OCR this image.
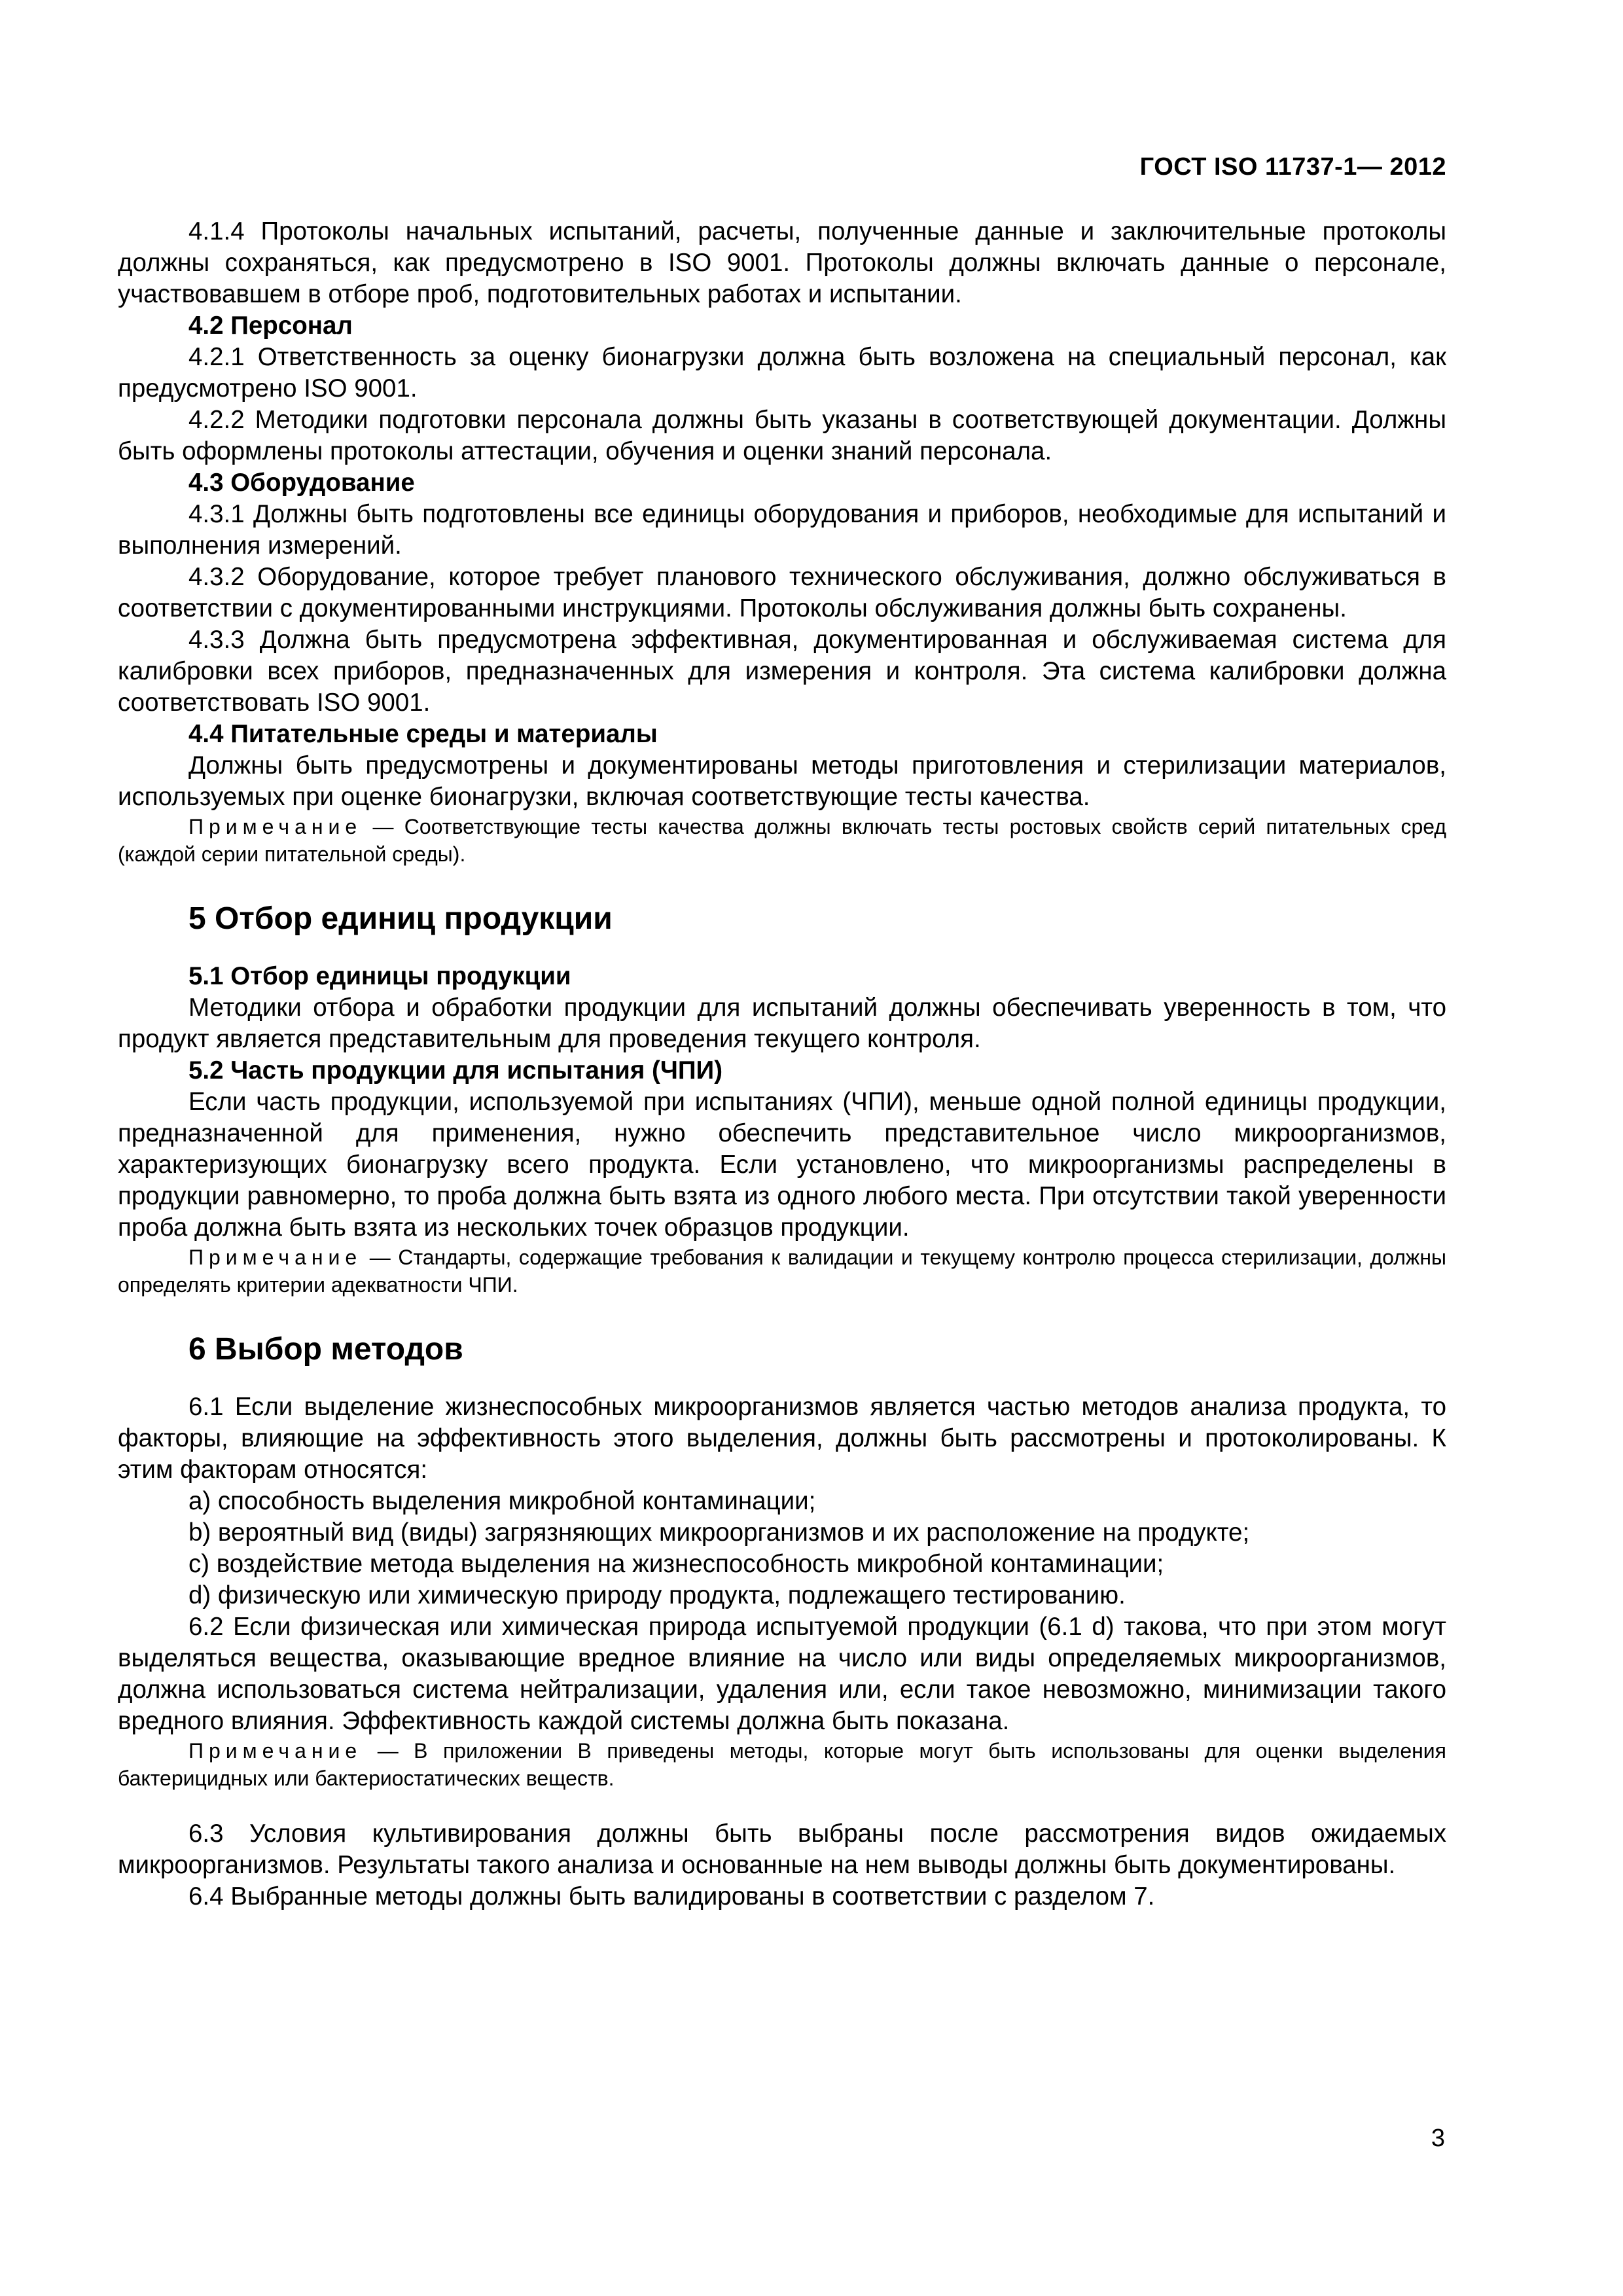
ГОСТ ISO 11737-1— 2012

4.1.4 Протоколы начальных испытаний, расчеты, полученные данные и заключительные протоколы должны сохраняться, как предусмотрено в ISO 9001. Протоколы должны включать данные о персонале, участвовавшем в отборе проб, подготовительных работах и испытании.

4.2 Персонал

4.2.1 Ответственность за оценку бионагрузки должна быть возложена на специальный персонал, как предусмотрено ISO 9001.

4.2.2 Методики подготовки персонала должны быть указаны в соответствующей документации. Должны быть оформлены протоколы аттестации, обучения и оценки знаний персонала.

4.3 Оборудование

4.3.1 Должны быть подготовлены все единицы оборудования и приборов, необходимые для испытаний и выполнения измерений.

4.3.2 Оборудование, которое требует планового технического обслуживания, должно обслуживаться в соответствии с документированными инструкциями. Протоколы обслуживания должны быть сохранены.

4.3.3 Должна быть предусмотрена эффективная, документированная и обслуживаемая система для калибровки всех приборов, предназначенных для измерения и контроля. Эта система калибровки должна соответствовать ISO 9001.

4.4 Питательные среды и материалы

Должны быть предусмотрены и документированы методы приготовления и стерилизации материалов, используемых при оценке бионагрузки, включая соответствующие тесты качества.

Примечание — Соответствующие тесты качества должны включать тесты ростовых свойств серий питательных сред (каждой серии питательной среды).

5 Отбор единиц продукции

5.1 Отбор единицы продукции

Методики отбора и обработки продукции для испытаний должны обеспечивать уверенность в том, что продукт является представительным для проведения текущего контроля.

5.2 Часть продукции для испытания (ЧПИ)

Если часть продукции, используемой при испытаниях (ЧПИ), меньше одной полной единицы продукции, предназначенной для применения, нужно обеспечить представительное число микроорганизмов, характеризующих бионагрузку всего продукта. Если установлено, что микроорганизмы распределены в продукции равномерно, то проба должна быть взята из одного любого места. При отсутствии такой уверенности проба должна быть взята из нескольких точек образцов продукции.

Примечание — Стандарты, содержащие требования к валидации и текущему контролю процесса стерилизации, должны определять критерии адекватности ЧПИ.

6 Выбор методов

6.1 Если выделение жизнеспособных микроорганизмов является частью методов анализа продукта, то факторы, влияющие на эффективность этого выделения, должны быть рассмотрены и протоколированы. К этим факторам относятся:

a) способность выделения микробной контаминации;

b) вероятный вид (виды) загрязняющих микроорганизмов и их расположение на продукте;

c) воздействие метода выделения на жизнеспособность микробной контаминации;

d) физическую или химическую природу продукта, подлежащего тестированию.

6.2 Если физическая или химическая природа испытуемой продукции (6.1 d) такова, что при этом могут выделяться вещества, оказывающие вредное влияние на число или виды определяемых микроорганизмов, должна использоваться система нейтрализации, удаления или, если такое невозможно, минимизации такого вредного влияния. Эффективность каждой системы должна быть показана.

Примечание — В приложении В приведены методы, которые могут быть использованы для оценки выделения бактерицидных или бактериостатических веществ.

6.3 Условия культивирования должны быть выбраны после рассмотрения видов ожидаемых микроорганизмов. Результаты такого анализа и основанные на нем выводы должны быть документированы.

6.4 Выбранные методы должны быть валидированы в соответствии с разделом 7.

3
